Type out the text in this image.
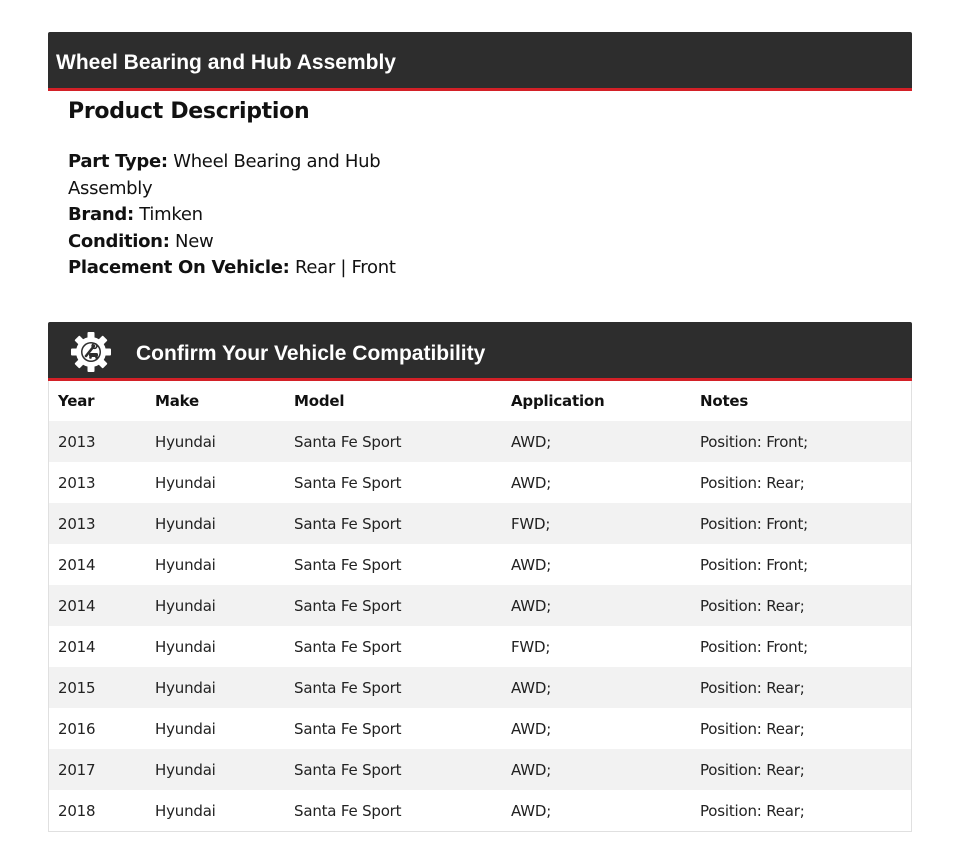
Wheel Bearing and Hub Assembly
Product Description
Part Type: Wheel Bearing and Hub Assembly
Brand: Timken
Condition: New
Placement On Vehicle: Rear | Front
Confirm Your Vehicle Compatibility
Year	Make	Model	Application	Notes
2013	Hyundai	Santa Fe Sport	AWD;	Position: Front;
2013	Hyundai	Santa Fe Sport	AWD;	Position: Rear;
2013	Hyundai	Santa Fe Sport	FWD;	Position: Front;
2014	Hyundai	Santa Fe Sport	AWD;	Position: Front;
2014	Hyundai	Santa Fe Sport	AWD;	Position: Rear;
2014	Hyundai	Santa Fe Sport	FWD;	Position: Front;
2015	Hyundai	Santa Fe Sport	AWD;	Position: Rear;
2016	Hyundai	Santa Fe Sport	AWD;	Position: Rear;
2017	Hyundai	Santa Fe Sport	AWD;	Position: Rear;
2018	Hyundai	Santa Fe Sport	AWD;	Position: Rear;
